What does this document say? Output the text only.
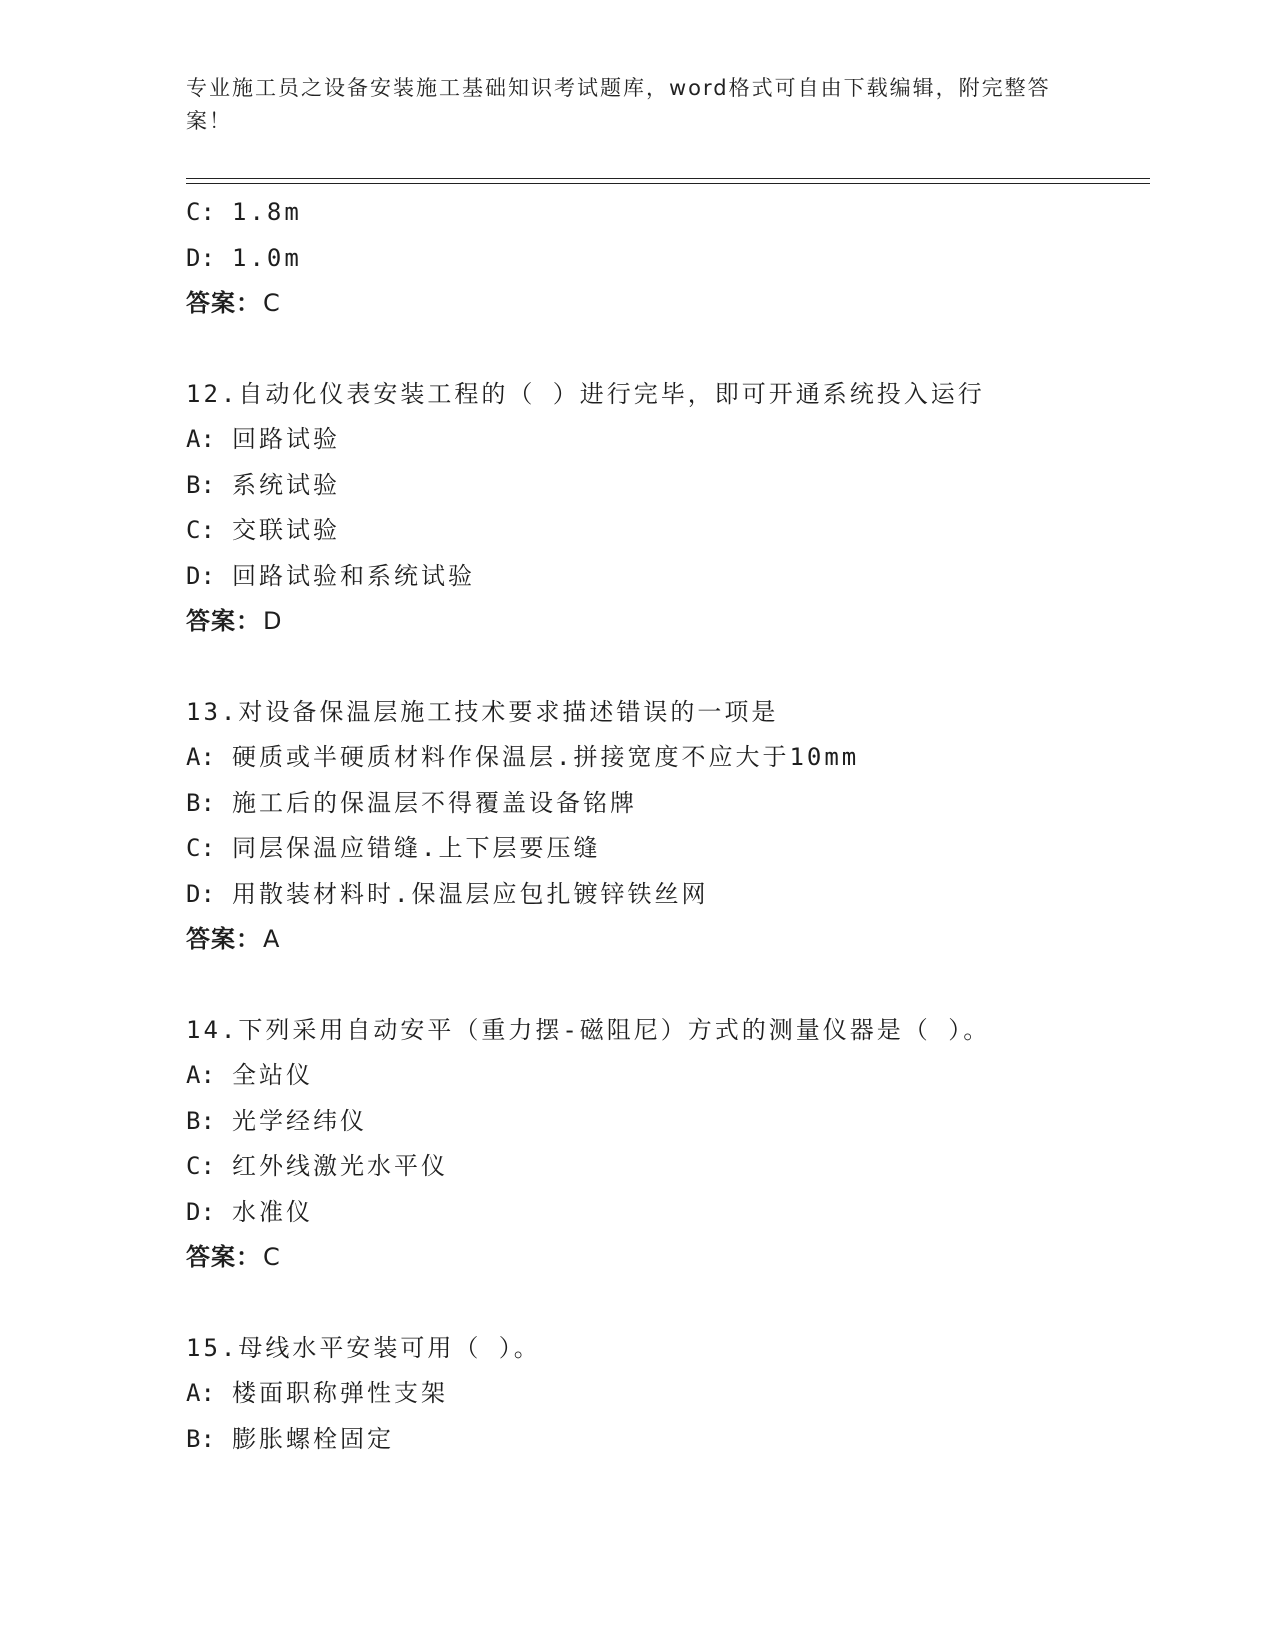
专业施工员之设备安装施工基础知识考试题库，word格式可自由下载编辑，附完整答案！
C: 1.8m
D: 1.0m
答案：C
12.自动化仪表安装工程的（ ）进行完毕，即可开通系统投入运行
A: 回路试验
B: 系统试验
C: 交联试验
D: 回路试验和系统试验
答案：D
13.对设备保温层施工技术要求描述错误的一项是
A: 硬质或半硬质材料作保温层.拼接宽度不应大于10mm
B: 施工后的保温层不得覆盖设备铭牌
C: 同层保温应错缝.上下层要压缝
D: 用散装材料时.保温层应包扎镀锌铁丝网
答案：A
14.下列采用自动安平（重力摆-磁阻尼）方式的测量仪器是（ ）。
A: 全站仪
B: 光学经纬仪
C: 红外线激光水平仪
D: 水准仪
答案：C
15.母线水平安装可用（ ）。
A: 楼面职称弹性支架
B: 膨胀螺栓固定
